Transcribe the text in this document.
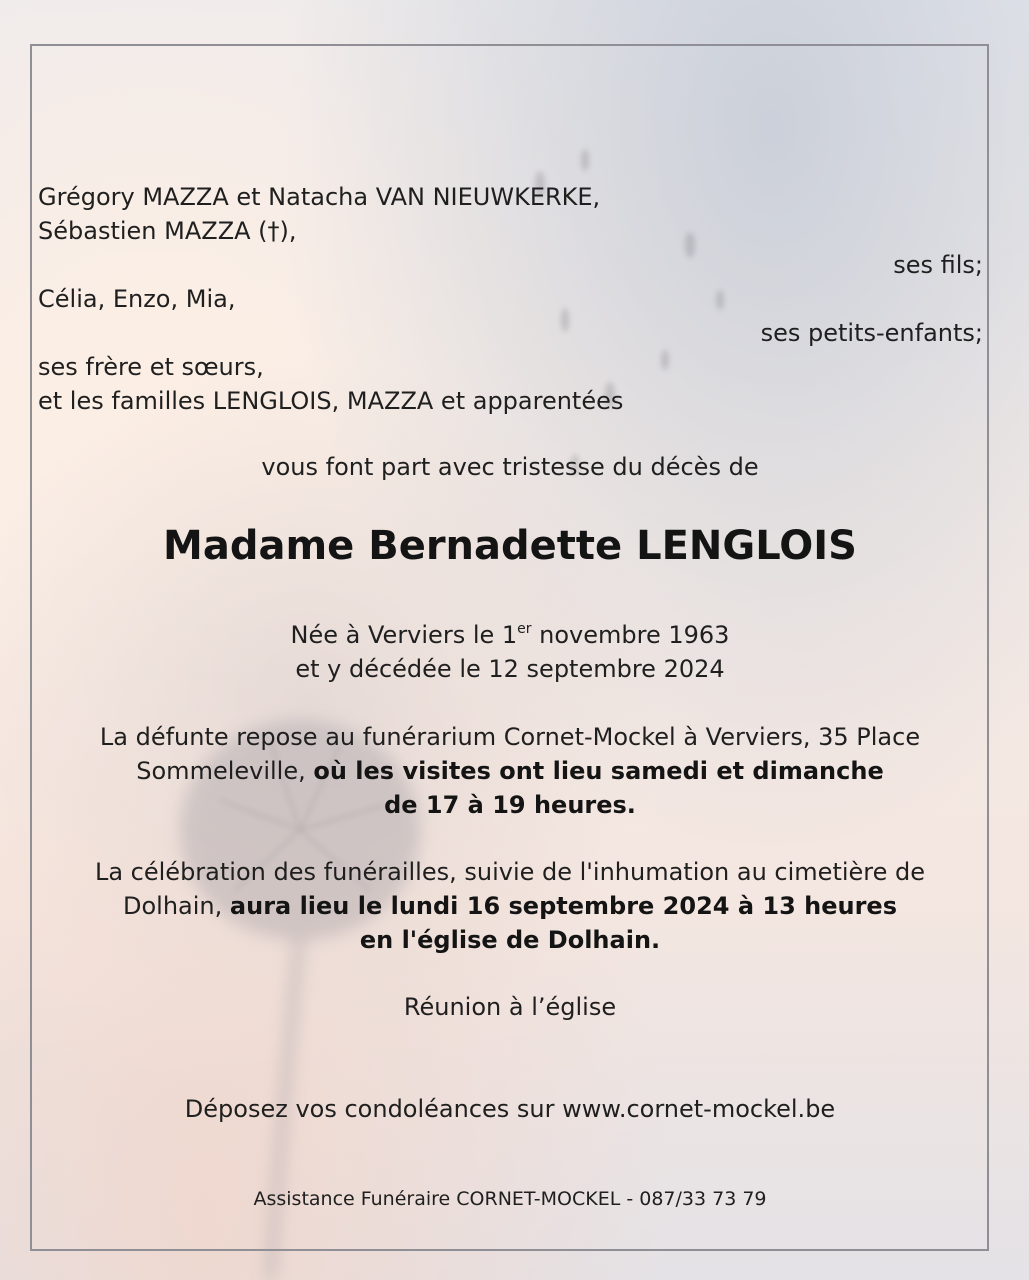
Grégory MAZZA et Natacha VAN NIEUWKERKE,
Sébastien MAZZA (†),
ses fils;
Célia, Enzo, Mia,
ses petits-enfants;
ses frère et sœurs,
et les familles LENGLOIS, MAZZA et apparentées
vous font part avec tristesse du décès de
Madame Bernadette LENGLOIS
Née à Verviers le 1er novembre 1963
et y décédée le 12 septembre 2024
La défunte repose au funérarium Cornet-Mockel à Verviers, 35 Place
Sommeleville, où les visites ont lieu samedi et dimanche
de 17 à 19 heures.
La célébration des funérailles, suivie de l'inhumation au cimetière de
Dolhain, aura lieu le lundi 16 septembre 2024 à 13 heures
en l'église de Dolhain.
Réunion à l’église
Déposez vos condoléances sur www.cornet-mockel.be
Assistance Funéraire CORNET-MOCKEL - 087/33 73 79
